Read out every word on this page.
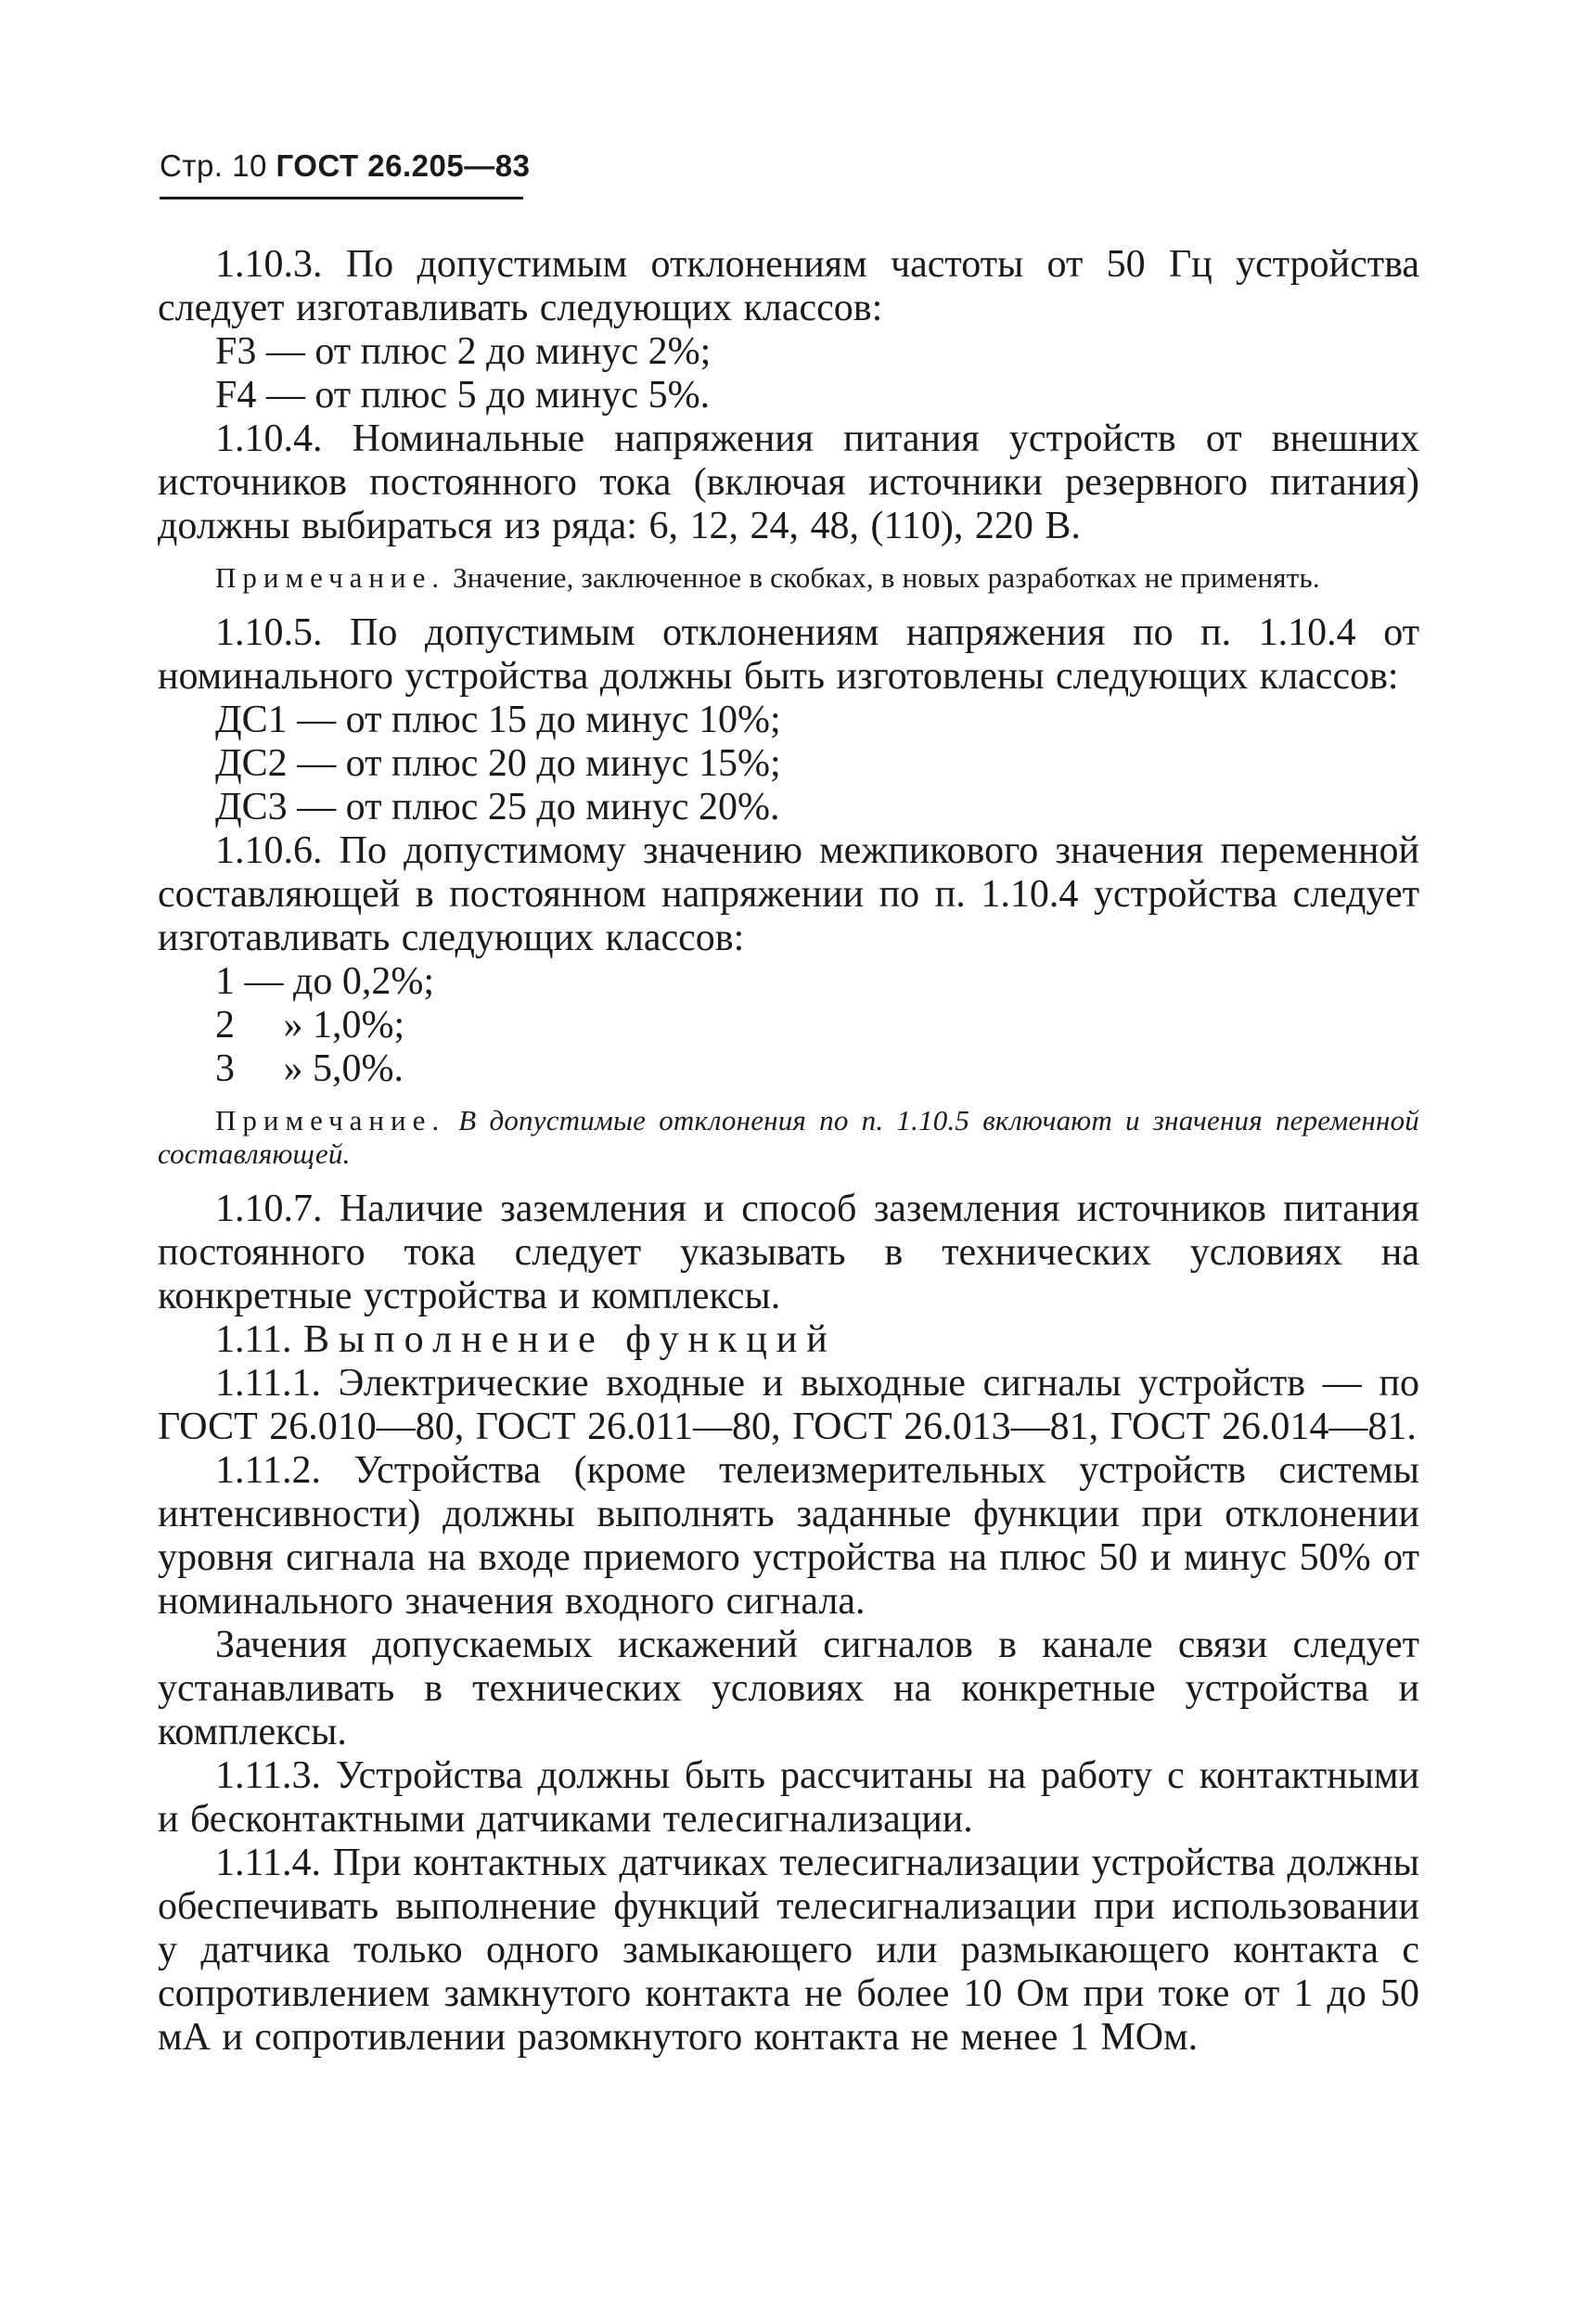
Стр. 10 ГОСТ 26.205—83

1.10.3. По допустимым отклонениям частоты от 50 Гц устройства следует изготавливать следующих классов:

F3 — от плюс 2 до минус 2%;

F4 — от плюс 5 до минус 5%.

1.10.4. Номинальные напряжения питания устройств от внешних источников постоянного тока (включая источники резервного питания) должны выбираться из ряда: 6, 12, 24, 48, (110), 220 В.

Примечание. Значение, заключенное в скобках, в новых разработках не применять.

1.10.5. По допустимым отклонениям напряжения по п. 1.10.4 от номинального устройства должны быть изготовлены следующих классов:

ДС1 — от плюс 15 до минус 10%;

ДС2 — от плюс 20 до минус 15%;

ДС3 — от плюс 25 до минус 20%.

1.10.6. По допустимому значению межпикового значения переменной составляющей в постоянном напряжении по п. 1.10.4 устройства следует изготавливать следующих классов:

1 — до 0,2%;

2     » 1,0%;

3     » 5,0%.

Примечание. В допустимые отклонения по п. 1.10.5 включают и значения переменной составляющей.

1.10.7. Наличие заземления и способ заземления источников питания постоянного тока следует указывать в технических условиях на конкретные устройства и комплексы.

1.11. Выполнение функций

1.11.1. Электрические входные и выходные сигналы устройств — по ГОСТ 26.010—80, ГОСТ 26.011—80, ГОСТ 26.013—81, ГОСТ 26.014—81.

1.11.2. Устройства (кроме телеизмерительных устройств системы интенсивности) должны выполнять заданные функции при отклонении уровня сигнала на входе приемого устройства на плюс 50 и минус 50% от номинального значения входного сигнала.

Зачения допускаемых искажений сигналов в канале связи следует устанавливать в технических условиях на конкретные устройства и комплексы.

1.11.3. Устройства должны быть рассчитаны на работу с контактными и бесконтактными датчиками телесигнализации.

1.11.4. При контактных датчиках телесигнализации устройства должны обеспечивать выполнение функций телесигнализации при использовании у датчика только одного замыкающего или размыкающего контакта с сопротивлением замкнутого контакта не более 10 Ом при токе от 1 до 50 мА и сопротивлении разомкнутого контакта не менее 1 МОм.
